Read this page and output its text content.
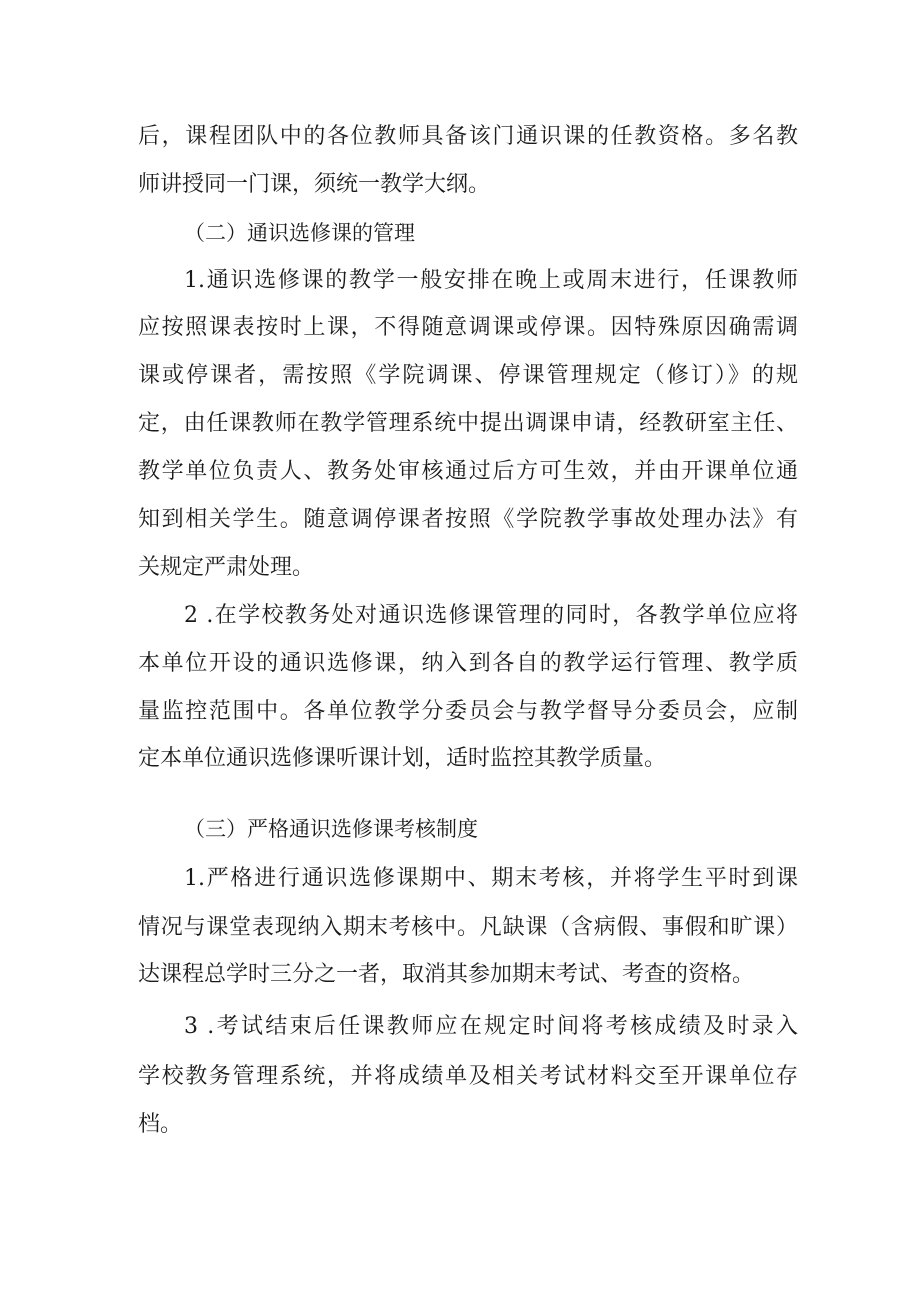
后，课程团队中的各位教师具备该门通识课的任教资格。多名教
师讲授同一门课，须统一教学大纲。
（二）通识选修课的管理
1.通识选修课的教学一般安排在晚上或周末进行，任课教师
应按照课表按时上课，不得随意调课或停课。因特殊原因确需调
课或停课者，需按照《学院调课、停课管理规定（修订）》的规
定，由任课教师在教学管理系统中提出调课申请，经教研室主任、
教学单位负责人、教务处审核通过后方可生效，并由开课单位通
知到相关学生。随意调停课者按照《学院教学事故处理办法》有
关规定严肃处理。
2 .在学校教务处对通识选修课管理的同时，各教学单位应将
本单位开设的通识选修课，纳入到各自的教学运行管理、教学质
量监控范围中。各单位教学分委员会与教学督导分委员会，应制
定本单位通识选修课听课计划，适时监控其教学质量。
（三）严格通识选修课考核制度
1.严格进行通识选修课期中、期末考核，并将学生平时到课
情况与课堂表现纳入期末考核中。凡缺课（含病假、事假和旷课）
达课程总学时三分之一者，取消其参加期末考试、考查的资格。
3 .考试结束后任课教师应在规定时间将考核成绩及时录入
学校教务管理系统，并将成绩单及相关考试材料交至开课单位存
档。
